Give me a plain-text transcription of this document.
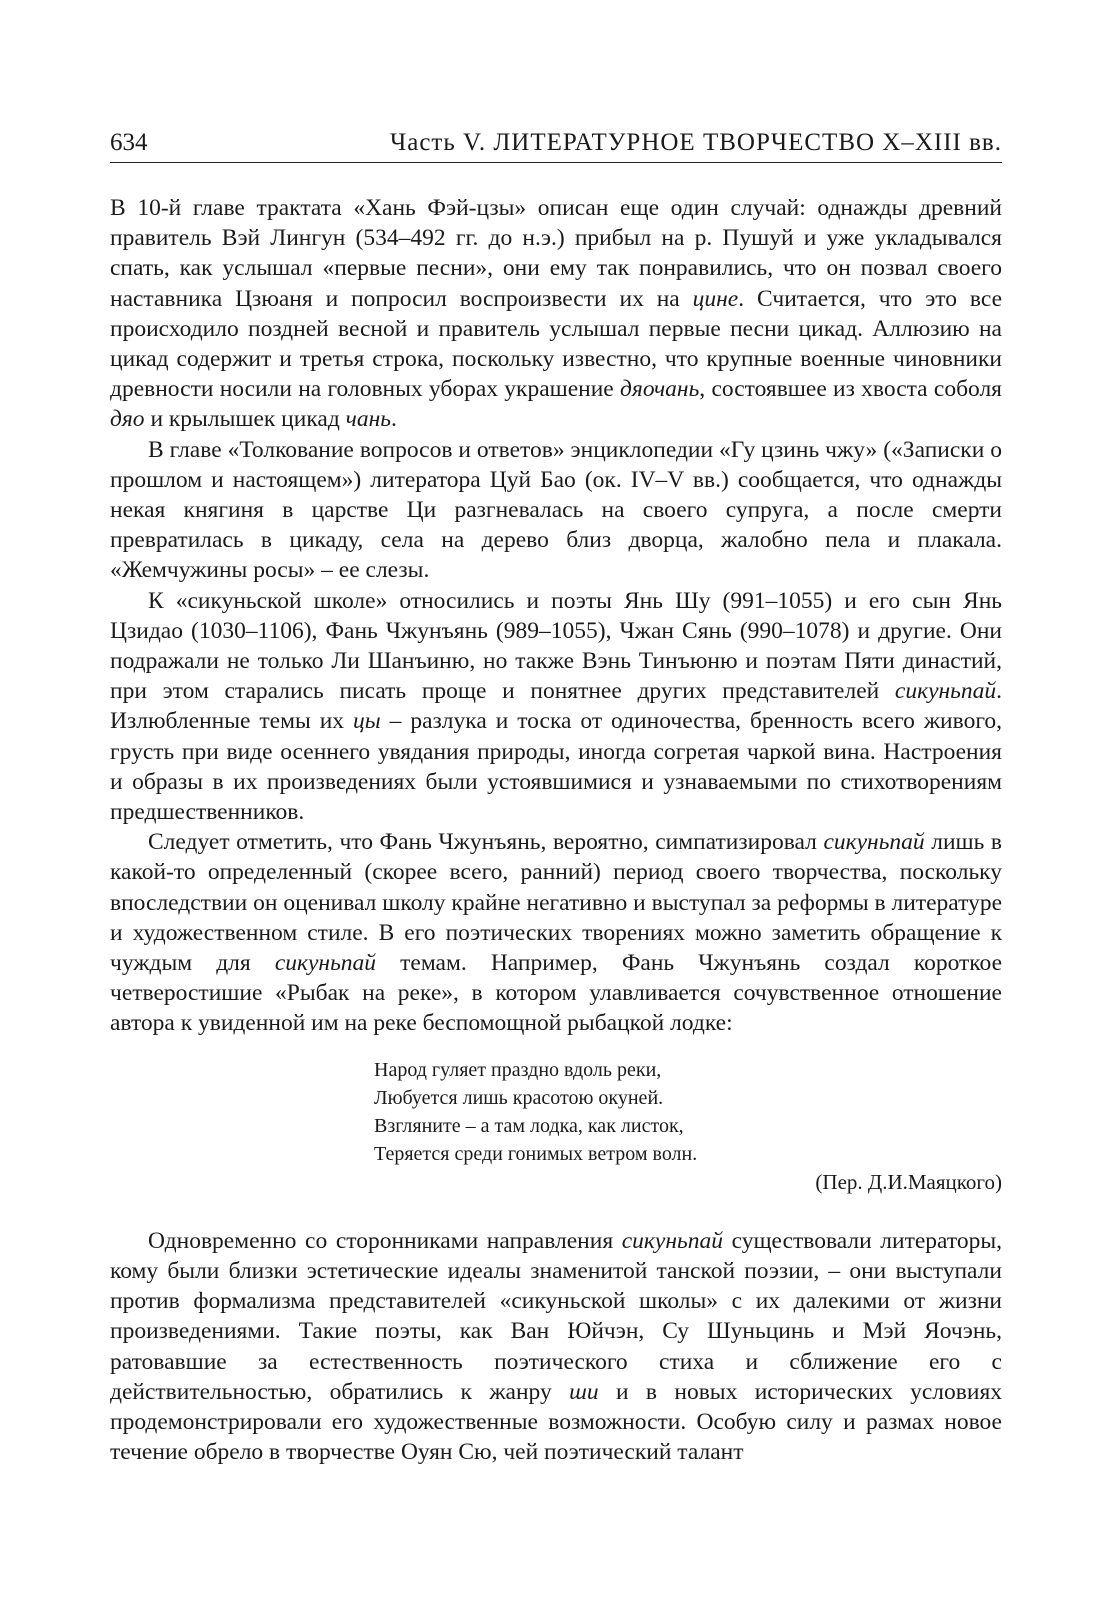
634	Часть V. ЛИТЕРАТУРНОЕ ТВОРЧЕСТВО X–XIII вв.

В 10-й главе трактата «Хань Фэй-цзы» описан еще один случай: однажды древний правитель Вэй Лингун (534–492 гг. до н.э.) прибыл на р. Пушуй и уже укладывался спать, как услышал «первые песни», они ему так понравились, что он позвал своего наставника Цзюаня и попросил воспроизвести их на цине. Считается, что это все происходило поздней весной и правитель услышал первые песни цикад. Аллюзию на цикад содержит и третья строка, поскольку известно, что крупные военные чиновники древности носили на головных уборах украшение дяочань, состоявшее из хвоста соболя дяо и крылышек цикад чань.

В главе «Толкование вопросов и ответов» энциклопедии «Гу цзинь чжу» («Записки о прошлом и настоящем») литератора Цуй Бао (ок. IV–V вв.) сообщается, что однажды некая княгиня в царстве Ци разгневалась на своего супруга, а после смерти превратилась в цикаду, села на дерево близ дворца, жалобно пела и плакала. «Жемчужины росы» – ее слезы.

К «сикуньской школе» относились и поэты Янь Шу (991–1055) и его сын Янь Цзидао (1030–1106), Фань Чжунъянь (989–1055), Чжан Сянь (990–1078) и другие. Они подражали не только Ли Шанъиню, но также Вэнь Тинъюню и поэтам Пяти династий, при этом старались писать проще и понятнее других представителей сикуньпай. Излюбленные темы их цы – разлука и тоска от одиночества, бренность всего живого, грусть при виде осеннего увядания природы, иногда согретая чаркой вина. Настроения и образы в их произведениях были устоявшимися и узнаваемыми по стихотворениям предшественников.

Следует отметить, что Фань Чжунъянь, вероятно, симпатизировал сикуньпай лишь в какой-то определенный (скорее всего, ранний) период своего творчества, поскольку впоследствии он оценивал школу крайне негативно и выступал за реформы в литературе и художественном стиле. В его поэтических творениях можно заметить обращение к чуждым для сикуньпай темам. Например, Фань Чжунъянь создал короткое четверостишие «Рыбак на реке», в котором улавливается сочувственное отношение автора к увиденной им на реке беспомощной рыбацкой лодке:

Народ гуляет праздно вдоль реки,
Любуется лишь красотою окуней.
Взгляните – а там лодка, как листок,
Теряется среди гонимых ветром волн.
(Пер. Д.И.Маяцкого)

Одновременно со сторонниками направления сикуньпай существовали литераторы, кому были близки эстетические идеалы знаменитой танской поэзии, – они выступали против формализма представителей «сикуньской школы» с их далекими от жизни произведениями. Такие поэты, как Ван Юйчэн, Су Шуньцинь и Мэй Яочэнь, ратовавшие за естественность поэтического стиха и сближение его с действительностью, обратились к жанру ши и в новых исторических условиях продемонстрировали его художественные возможности. Особую силу и размах новое течение обрело в творчестве Оуян Сю, чей поэтический талант
